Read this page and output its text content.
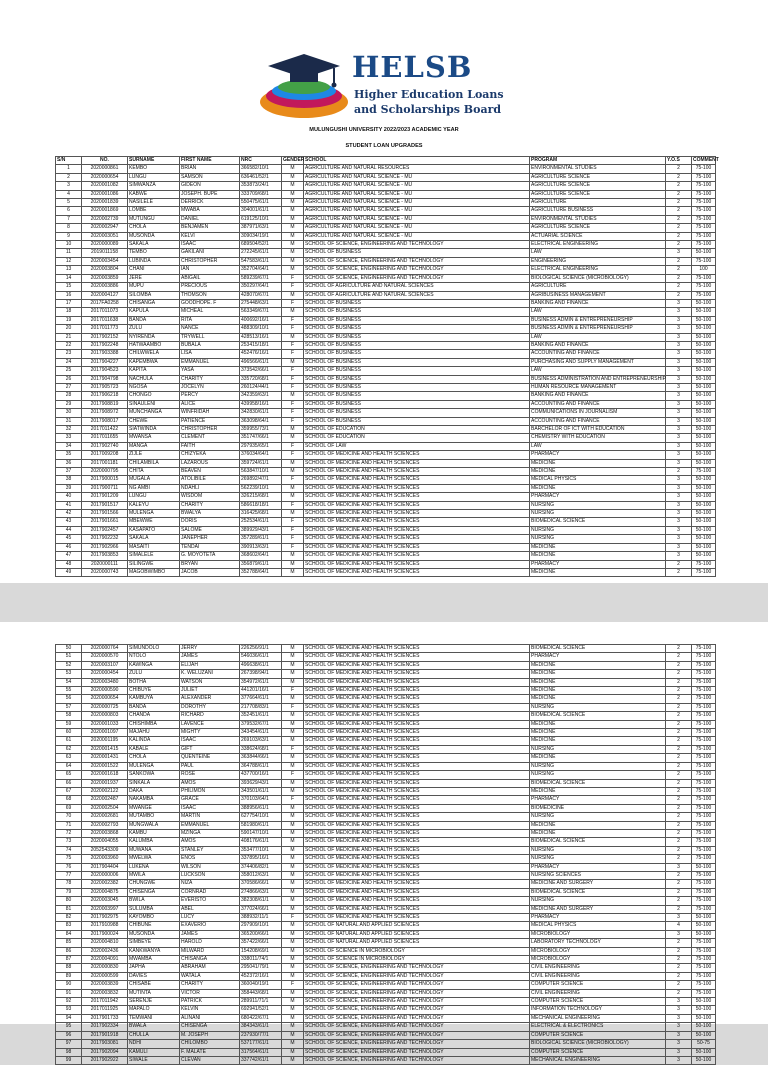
HELSB
Higher Education Loans
and Scholarships Board
MULUNGUSHI UNIVERSITY 2022/2023 ACADEMIC YEAR
STUDENT LOAN UPGRADES
S/N	NO.	SURNAME	FIRST NAME	NRC	GENDER	SCHOOL	PROGRAM	Y.O.S	COMMENT
1	2020000861	KEMBO	BRIAN	366582/10/1	M	AGRICULTURE AND NATURAL RESOURCES	ENVIRONMENTAL STUDIES	2	75-100
2	2020000654	LUNGU	SAMSON	636461/52/1	M	AGRICULTURE AND NATURAL SCIENCE - MU	AGRICULTURE SCIENCE	2	75-100
3	2020001082	SIMWANZA	GIDEON	353873/24/1	M	AGRICULTURE AND NATURAL SCIENCE - MU	AGRICULTURE SCIENCE	2	75-100
4	2020001086	KABWE	JOSEPH. BUPE	333709/68/1	M	AGRICULTURE AND NATURAL SCIENCE - MU	AGRICULTURE SCIENCE	2	75-100
5	2020001839	NASILELE	DERRICK	550475/61/1	M	AGRICULTURE AND NATURAL SCIENCE - MU	AGRICULTURE	2	75-100
6	2020001869	LOMBE	MWABA	304001/61/1	M	AGRICULTURE AND NATURAL SCIENCE - MU	AGRICULTURE BUSINESS	2	75-100
7	2020002739	MUTUNGU	DANIEL	619125/10/1	M	AGRICULTURE AND NATURAL SCIENCE - MU	ENVIRONMENTAL STUDIES	2	75-100
8	2020002947	CHOLA	BENJAMEN	387971/63/1	M	AGRICULTURE AND NATURAL SCIENCE - MU	AGRICULTURE SCIENCE	2	75-100
9	2020003051	MUSONDA	KELVI	309034/19/1	M	AGRICULTURE AND NATURAL SCIENCE - MU	ACTUARIAL SCIENCE	2	75-100
10	2020000089	SAKALA	ISAAC	689504/52/1	M	SCHOOL OF SCIENCE, ENGINEERING AND TECHNOLOGY	ELECTRICAL ENGINEERING	2	75-100
11	2019011158	TEMBO	GAKILANI	272245/61/1	M	SCHOOL OF BUSINESS	LAW	3	50-100
12	2020003454	LUBINDA	CHRISTOPHER	547583/61/1	M	SCHOOL OF SCIENCE, ENGINEERING AND TECHNOLOGY	ENGINEERING	2	75-100
13	2020003804	CHANI	IAN	352704/64/1	M	SCHOOL OF SCIENCE, ENGINEERING AND TECHNOLOGY	ELECTRICAL ENGINEERING	2	100
14	2020003859	JERE	ABIGAIL	589239/67/1	F	SCHOOL OF SCIENCE, ENGINEERING AND TECHNOLOGY	BIOLOGICAL SCIENCE (MICROBIOLOGY)	2	75-100
15	2020003886	MUPU	PRECIOUS	350297/64/1	F	SCHOOL OF AGRICULTURE AND NATURAL SCIENCES	AGRICULTURE	2	75-100
16	2020004127	SILOMBA	THOMSON	428070/67/1	M	SCHOOL OF AGRICULTURE AND NATURAL SCIENCES	AGRIBUSINESS MANAGEMENT	2	75-100
17	2017FA0258	CHISANGA	GOODHOPE. F	275448/63/1	F	SCHOOL OF BUSINESS	BANKING AND FINANCE	3	50-100
18	2017011073	KAPULA	MICHEAL	563349/67/1	M	SCHOOL OF BUSINESS	LAW	3	50-100
19	2017011638	BANDA	RITA	400692/16/1	F	SCHOOL OF BUSINESS	BUSINESS ADMIN & ENTREPRENEURSHIP	3	50-100
20	2017011773	ZULU	NANCE	488309/10/1	F	SCHOOL OF BUSINESS	BUSINESS ADMIN & ENTREPRENEURSHIP	3	50-100
21	2017902152	NYIRENDA	TRYWELL	428513/16/1	M	SCHOOL OF BUSINESS	LAW	3	50-100
22	2017902248	HATWAAMBO	BUBALA	253415/18/1	F	SCHOOL OF BUSINESS	BANKING AND FINANCE	3	50-100
23	2017903388	CHILWWELA	LISA	452476/16/1	F	SCHOOL OF BUSINESS	ACCOUNTING AND FINANCE	3	50-100
24	2017904227	KAPEMBWA	EMMANUEL	496566/61/1	M	SCHOOL OF BUSINESS	PURCHASING AND SUPPLY MANAGEMENT	3	50-100
25	2017904523	KAPITA	YASA	373542/66/1	F	SCHOOL OF BUSINESS	LAW	3	50-100
26	2017904798	NACHULA	CHARITY	335720/68/1	F	SCHOOL OF BUSINESS	BUSINESS ADMINISTRATION AND ENTREPRENEURSHIP	3	50-100
27	2017905723	NGOSA	JOCELYN	260124/44/1	F	SCHOOL OF BUSINESS	HUMAN RESOURCE MANAGEMENT	3	50-100
28	2017906218	CHONGO	PERCY	342359/63/1	M	SCHOOL OF BUSINESS	BANKING AND FINANCE	3	50-100
29	2017908819	SINAULENI	ALICE	439958/16/1	F	SCHOOL OF BUSINESS	ACCOUNTING AND FINANCE	3	50-100
30	2017908972	MUNCHANGA	WINFRIDAH	342830/61/1	F	SCHOOL OF BUSINESS	COMMUNICATIONS IN JOURNALISM	3	50-100
31	2017908017	CHEWE	PATIENCE	363098/64/1	F	SCHOOL OF BUSINESS	ACCOUNTING AND FINANCE	3	50-100
32	2017011422	SIATWINDA	CHRISTOPHER	359955/73/1	M	SCHOOL OF EDUCATION	BARCHELOR OF ICT WITH EDUCATION	3	50-100
33	2017011655	MWANSA	CLEMENT	351747/66/1	M	SCHOOL OF EDUCATION	CHEMISTRY WITH EDUCATION	3	50-100
34	2017902740	MANGA	FAITH	297935/65/1	F	SCHOOL OF LAW	LAW	3	50-100
35	2017009208	ZIJLE	CHIZYEKA	376034/64/1	F	SCHOOL OF MEDICINE AND HEALTH SCIENCES	PHARMACY	3	50-100
36	2017001181	CHILAMBILA	LAZAROUS	359724/61/1	M	SCHOOL OF MEDICINE AND HEALTH SCIENCES	MEDICINE	3	50-100
37	2020000795	CHITA	BEAVEN	563847/10/1	M	SCHOOL OF MEDICINE AND HEALTH SCIENCES	MEDICINE	2	75-100
38	2017900015	MUGALA	ATOLIBILE	269892/47/1	F	SCHOOL OF MEDICINE AND HEALTH SCIENCES	MEDICAL PHYSICS	3	50-100
39	2017900711	NG AMBI	NDAHLI	562239/10/1	M	SCHOOL OF MEDICINE AND HEALTH SCIENCES	MEDICINE	3	50-100
40	2017901209	LUNGU	WISDOM	326215/68/1	M	SCHOOL OF MEDICINE AND HEALTH SCIENCES	PHARMACY	3	50-100
41	2017901517	KALEYU	CHARITY	586618/18/1	F	SCHOOL OF MEDICINE AND HEALTH SCIENCES	NURSING	3	50-100
42	2017901566	MULENGA	BWALYA	316425/68/1	M	SCHOOL OF MEDICINE AND HEALTH SCIENCES	NURSING	3	50-100
43	2017901661	MBEWWE	DORIS	252534/61/1	F	SCHOOL OF MEDICINE AND HEALTH SCIENCES	BIOMEDICAL SCIENCE	3	50-100
44	2017902457	KASAPATO	SALOME	389929/43/1	F	SCHOOL OF MEDICINE AND HEALTH SCIENCES	NURSING	3	50-100
45	2017902232	SAKALA	JANEPHER	357289/61/1	F	SCHOOL OF MEDICINE AND HEALTH SCIENCES	NURSING	3	50-100
46	2017902966	MASAITI	TENDAI	390913/63/1	F	SCHOOL OF MEDICINE AND HEALTH SCIENCES	MEDICINE	3	50-100
47	2017903853	SIMALELE	G. MOYOTETA	368602/64/1	M	SCHOOL OF MEDICINE AND HEALTH SCIENCES	MEDICINE	3	50-100
48	2020000111	SILINGWE	BRYAN	356879/61/1	M	SCHOOL OF MEDICINE AND HEALTH SCIENCES	PHARMACY	2	75-100
49	2020000743	MAGOBWIMBO	JACOB	352788/64/1	M	SCHOOL OF MEDICINE AND HEALTH SCIENCES	MEDICINE	2	75-100
50	2020000764	SIMUNDOLO	JERRY	226256/91/1	M	SCHOOL OF MEDICINE AND HEALTH SCIENCES	BIOMEDICAL SCIENCE	2	75-100
51	2020000570	NTOLO	JAMES	546036/61/1	M	SCHOOL OF MEDICINE AND HEALTH SCIENCES	PHARMACY	2	75-100
52	2020003107	KAWINGA	ELIJAH	496638/61/1	M	SCHOOL OF MEDICINE AND HEALTH SCIENCES	MEDICINE	2	75-100
53	2020000454	ZULU	K. WELUZANI	267398/94/1	M	SCHOOL OF MEDICINE AND HEALTH SCIENCES	MEDICINE	2	75-100
54	2020003480	BOTHA	WATSON	354972/61/1	M	SCHOOL OF MEDICINE AND HEALTH SCIENCES	MEDICINE	2	75-100
55	2020000590	CHIBUYE	JULIET	441201/16/1	F	SCHOOL OF MEDICINE AND HEALTH SCIENCES	MEDICINE	2	75-100
56	2020000654	KAMBUYA	ALEXANDER	377664/61/1	M	SCHOOL OF MEDICINE AND HEALTH SCIENCES	MEDICINE	2	75-100
57	2020000725	BANDA	DOROTHY	217708/83/1	F	SCHOOL OF MEDICINE AND HEALTH SCIENCES	NURSING	2	75-100
58	2020000803	CHANDA	RICHARD	352451/61/1	M	SCHOOL OF MEDICINE AND HEALTH SCIENCES	BIOMEDICAL SCIENCE	2	75-100
59	2020001033	CHISHIMBA	LAVENCE	379532/67/1	M	SCHOOL OF MEDICINE AND HEALTH SCIENCES	MEDICINE	2	75-100
60	2020001097	MAJAHU	MIGHTY	343454/61/1	M	SCHOOL OF MEDICINE AND HEALTH SCIENCES	MEDICINE	2	75-100
61	2020001195	KALINDA	ISAAC	269103/63/1	M	SCHOOL OF MEDICINE AND HEALTH SCIENCES	MEDICINE	2	75-100
62	2020001415	KABALE	GIFT	338624/68/1	F	SCHOOL OF MEDICINE AND HEALTH SCIENCES	NURSING	2	75-100
63	2020001431	CHOLA	QUENTEINE	363844/66/1	M	SCHOOL OF MEDICINE AND HEALTH SCIENCES	MEDICINE	2	75-100
64	2020001522	MULENGA	PAUL	364788/61/1	M	SCHOOL OF MEDICINE AND HEALTH SCIENCES	NURSING	2	75-100
65	2020001618	SANKOWA	ROSE	437700/16/1	F	SCHOOL OF MEDICINE AND HEALTH SCIENCES	NURSING	2	75-100
66	2020001937	SINKALA	AMOS	393629/43/1	M	SCHOOL OF MEDICINE AND HEALTH SCIENCES	BIOMEDICAL SCIENCE	2	75-100
67	2020002122	DAKA	PHILIMON	343501/61/1	M	SCHOOL OF MEDICINE AND HEALTH SCIENCES	MEDICINE	2	75-100
68	2020002487	NAKAMBA	GRACE	370103/64/1	F	SCHOOL OF MEDICINE AND HEALTH SCIENCES	PHARMACY	2	75-100
69	2020002504	MWANGE	ISAAC	388956/61/1	M	SCHOOL OF MEDICINE AND HEALTH SCIENCES	BIOMEDICINE	2	75-100
70	2020002681	MUTAMBO	MARTIN	627754/10/1	M	SCHOOL OF MEDICINE AND HEALTH SCIENCES	NURSING	2	75-100
71	2020002793	MUNGWALA	EMMANUEL	581980/61/1	M	SCHOOL OF MEDICINE AND HEALTH SCIENCES	MEDICINE	2	75-100
72	2020003868	KAMBU	MZINGA	590147/10/1	M	SCHOOL OF MEDICINE AND HEALTH SCIENCES	MEDICINE	2	75-100
73	2020004055	KALUMBA	AMOS	408176/61/1	M	SCHOOL OF MEDICINE AND HEALTH SCIENCES	BIOMEDICAL SCIENCE	2	75-100
74	2052543309	MUWANA	STANLEY	353477/10/1	M	SCHOOL OF MEDICINE AND HEALTH SCIENCES	NURSING	2	75-100
75	2020003960	MWELWA	ENOS	337895/16/1	M	SCHOOL OF MEDICINE AND HEALTH SCIENCES	NURSING	2	75-100
76	2017904404	LUKENA	WILSON	374406/82/1	M	SCHOOL OF MEDICINE AND HEALTH SCIENCES	PHARMACY	3	50-100
77	2020000006	MWILA	LUCKSON	358012/63/1	M	SCHOOL OF MEDICINE AND HEALTH SCIENCES	NURSING SCIENCES	2	75-100
78	2020002382	CHUNGWE	NIZA	370586/66/1	M	SCHOOL OF MEDICINE AND HEALTH SCIENCES	MEDICINE AND SURGERY	2	75-100
79	2020004875	CHISENGA	CORNRAD	274866/63/1	M	SCHOOL OF MEDICINE AND HEALTH SCIENCES	BIOMEDICAL SCIENCE	2	75-100
80	2020003045	BWILA	EVERISTO	382308/61/1	M	SCHOOL OF MEDICINE AND HEALTH SCIENCES	NURSING	2	75-100
81	2020003997	SULUMBA	ABEL	377024/66/1	M	SCHOOL OF MEDICINE AND HEALTH SCIENCES	MEDICINE AND SURGERY	2	75-100
82	2017902975	KAYOMBO	LUCY	388932/11/1	F	SCHOOL OF MEDICINE AND HEALTH SCIENCES	PHARMACY	3	50-100
83	2017910988	CHIBUNE	EXAVERIO	297909/10/1	M	SCHOOL OF NATURAL AND APPLIED SCIENCES	MEDICAL PHYSICS	4	50-100
84	2017900024	MUSONDA	JAMES	365200/66/1	M	SCHOOL OF NATURAL AND APPLIED SCIENCES	MICROBIOLOGY	3	50-100
85	2020004810	SIMBEYE	HAROLD	357422/66/1	M	SCHOOL OF NATURAL AND APPLIED SCIENCES	LABORATORY TECHNOLOGY	2	75-100
86	2020002436	KANKWANYA	MILWARD	154208/69/1	M	SCHOOL OF SCIENCE IN MICROBIOLOGY	MICROBIOLOGY	2	75-100
87	2020004091	MWAMBA	CHISANGA	338011/74/1	M	SCHOOL OF SCIENCE IN MICROBIOLOGY	MICROBIOLOGY	2	75-100
88	2020000830	JAPHA	ABRAHAM	295041/79/1	M	SCHOOL OF SCIENCE, ENGINEERING AND TECHNOLOGY	CIVIL ENGINEERING	2	75-100
89	2020000599	DAVIES	WATALA	452372/16/1	M	SCHOOL OF SCIENCE, ENGINEERING AND TECHNOLOGY	CIVIL ENGINEERING	2	75-100
90	2020003839	CHISABE	CHARITY	360040/19/1	F	SCHOOL OF SCIENCE, ENGINEERING AND TECHNOLOGY	COMPUTER SCIENCE	2	75-100
91	2020003832	MUTINTA	VICTOR	358443/68/1	M	SCHOOL OF SCIENCE, ENGINEERING AND TECHNOLOGY	CIVIL ENGINEERING	2	75-100
92	2017011942	SERENJE	PATRICK	289911/71/1	M	SCHOOL OF SCIENCE, ENGINEERING AND TECHNOLOGY	COMPUTER SCIENCE	3	50-100
93	2017011925	MAPALO	KELVIN	692941/52/1	M	SCHOOL OF SCIENCE, ENGINEERING AND TECHNOLOGY	INFORMATION TECHNOLOGY	3	50-100
94	2017901733	TEMWANI	ALINANI	680422/67/1	M	SCHOOL OF SCIENCE, ENGINEERING AND TECHNOLOGY	MECHANICAL ENGINEERING	3	50-100
95	2017902334	BWALA	CHISENGA	384343/61/1	M	SCHOOL OF SCIENCE, ENGINEERING AND TECHNOLOGY	ELECTRICAL & ELECTRONICS	3	50-100
96	2017901918	CHULLA	M. JOSEPH	237930/77/1	M	SCHOOL OF SCIENCE, ENGINEERING AND TECHNOLOGY	COMPUTER SCIENCE	3	50-100
97	2017903081	NDHI	CHILOMBO	537177/61/1	M	SCHOOL OF SCIENCE, ENGINEERING AND TECHNOLOGY	BIOLOGICAL SCIENCE (MICROBIOLOGY)	3	50-75
98	2017902094	KAMULI	F. MALATE	317564/61/1	M	SCHOOL OF SCIENCE, ENGINEERING AND TECHNOLOGY	COMPUTER SCIENCE	3	50-100
99	2017902922	SIWALE	CLEVAN	337742/61/1	M	SCHOOL OF SCIENCE, ENGINEERING AND TECHNOLOGY	MECHANICAL ENGINEERING	3	50-100
